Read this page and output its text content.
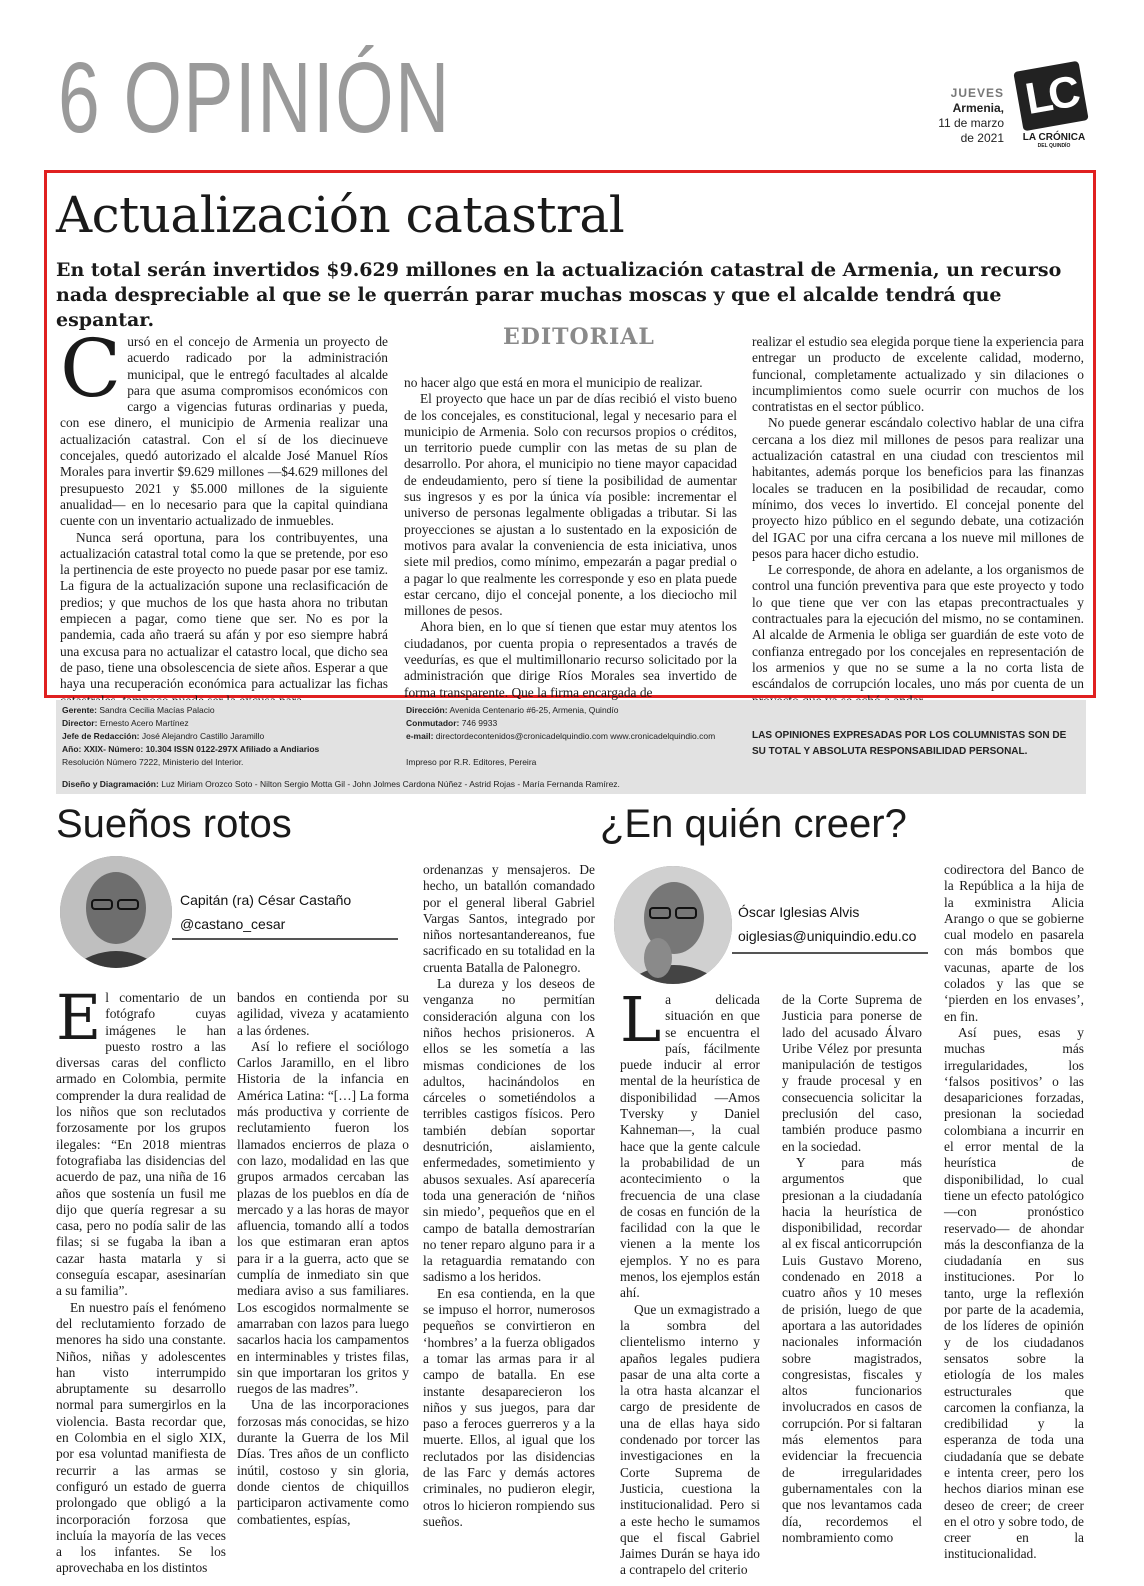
6 OPINIÓN	JUEVES
Armenia,
11 de marzo
de 2021
LC
LA CRÓNICA
DEL QUINDÍO
Actualización catastral
En total serán invertidos $9.629 millones en la actualización catastral de Armenia, un recurso nada despreciable al que se le querrán parar muchas moscas y que el alcalde tendrá que espantar.
EDITORIAL

Cursó en el concejo de Armenia un proyecto de acuerdo radicado por la administración municipal, que le entregó facultades al alcalde para que asuma compromisos económicos con cargo a vigencias futuras ordinarias y pueda, con ese dinero, el municipio de Armenia realizar una actualización catastral. Con el sí de los diecinueve concejales, quedó autorizado el alcalde José Manuel Ríos Morales para invertir $9.629 millones —$4.629 millones del presupuesto 2021 y $5.000 millones de la siguiente anualidad— en lo necesario para que la capital quindiana cuente con un inventario actualizado de inmuebles.

Nunca será oportuna, para los contribuyentes, una actualización catastral total como la que se pretende, por eso la pertinencia de este proyecto no puede pasar por ese tamiz. La figura de la actualización supone una reclasificación de predios; y que muchos de los que hasta ahora no tributan empiecen a pagar, como tiene que ser. No es por la pandemia, cada año traerá su afán y por eso siempre habrá una excusa para no actualizar el catastro local, que dicho sea de paso, tiene una obsolescencia de siete años. Esperar a que haya una recuperación económica para actualizar las fichas

no hacer algo que está en mora el municipio de realizar.

El proyecto que hace un par de días recibió el visto bueno de los concejales, es constitucional, legal y necesario para el municipio de Armenia. Solo con recursos propios o créditos, un territorio puede cumplir con las metas de su plan de desarrollo. Por ahora, el municipio no tiene mayor capacidad de endeudamiento, pero sí tiene la posibilidad de aumentar sus ingresos y es por la única vía posible: incrementar el universo de personas legalmente obligadas a tributar. Si las proyecciones se ajustan a lo sustentado en la exposición de motivos para avalar la conveniencia de esta iniciativa, unos siete mil predios, como mínimo, empezarán a pagar predial o a pagar lo que realmente les corresponde y eso en plata puede estar cercano, dijo el concejal ponente, a los dieciocho mil millones de pesos.

Ahora bien, en lo que sí tienen que estar muy atentos los ciudadanos, por cuenta propia o representados a través de veedurías, es que el multimillonario recurso solicitado por la administración que dirige Ríos Morales sea invertido de forma transparente. Que la firma encargada de

realizar el estudio sea elegida porque tiene la experiencia para entregar un producto de excelente calidad, moderno, funcional, completamente actualizado y sin dilaciones o incumplimientos como suele ocurrir con muchos de los contratistas en el sector público.

No puede generar escándalo colectivo hablar de una cifra cercana a los diez mil millones de pesos para realizar una actualización catastral en una ciudad con trescientos mil habitantes, además porque los beneficios para las finanzas locales se traducen en la posibilidad de recaudar, como mínimo, dos veces lo invertido. El concejal ponente del proyecto hizo público en el segundo debate, una cotización del IGAC por una cifra cercana a los nueve mil millones de pesos para hacer dicho estudio.

Le corresponde, de ahora en adelante, a los organismos de control una función preventiva para que este proyecto y todo lo que tiene que ver con las etapas precontractuales y contractuales para la ejecución del mismo, no se contaminen. Al alcalde de Armenia le obliga ser guardián de este voto de confianza entregado por los concejales en representación de los armenios y que no se sume a la no corta lista de escándalos de corrupción locales, uno más por cuenta de un

Gerente: Sandra Cecilia Macías Palacio
Director: Ernesto Acero Martínez
Jefe de Redacción: José Alejandro Castillo Jaramillo
Año: XXIX- Número: 10.304 ISSN 0122-297X Afiliado a Andiarios
Resolución Número 7222, Ministerio del Interior.
Dirección: Avenida Centenario #6-25, Armenia, Quindío
Conmutador: 746 9933
e-mail: directordecontenidos@cronicadelquindio.com www.cronicadelquindio.com

Impreso por R.R. Editores, Pereira
LAS OPINIONES EXPRESADAS POR LOS COLUMNISTAS SON DE SU TOTAL Y ABSOLUTA RESPONSABILIDAD PERSONAL.
Diseño y Diagramación: Luz Miriam Orozco Soto - Nilton Sergio Motta Gil - John Jolmes Cardona Núñez - Astrid Rojas - María Fernanda Ramírez.
Sueños rotos
Capitán (ra) César Castaño
@castano_cesar

El comentario de un fotógrafo cuyas imágenes le han puesto rostro a las diversas caras del conflicto armado en Colombia, permite comprender la dura realidad de los niños que son reclutados forzosamente por los grupos ilegales: “En 2018 mientras fotografiaba las disidencias del acuerdo de paz, una niña de 16 años que sostenía un fusil me dijo que quería regresar a su casa, pero no podía salir de las filas; si se fugaba la iban a cazar hasta matarla y si conseguía escapar, asesinarían a su familia”.

En nuestro país el fenómeno del reclutamiento forzado de menores ha sido una constante. Niños, niñas y adolescentes han visto interrumpido abruptamente su desarrollo normal para sumergirlos en la violencia. Basta recordar que, en Colombia en el siglo XIX, por esa voluntad manifiesta de recurrir a las armas se configuró un estado de guerra prolongado que obligó a la incorporación forzosa que incluía la mayoría de las veces a los infantes. Se los aprovechaba en los distintos

bandos en contienda por su agilidad, viveza y acatamiento a las órdenes.

Así lo refiere el sociólogo Carlos Jaramillo, en el libro Historia de la infancia en América Latina: “[…] La forma más productiva y corriente de reclutamiento fueron los llamados encierros de plaza o con lazo, modalidad en las que grupos armados cercaban las plazas de los pueblos en día de mercado y a las horas de mayor afluencia, tomando allí a todos los que estimaran eran aptos para ir a la guerra, acto que se cumplía de inmediato sin que mediara aviso a sus familiares. Los escogidos normalmente se amarraban con lazos para luego sacarlos hacia los campamentos en interminables y tristes filas, sin que importaran los gritos y ruegos de las madres”.

Una de las incorporaciones forzosas más conocidas, se hizo durante la Guerra de los Mil Días. Tres años de un conflicto inútil, costoso y sin gloria, donde cientos de chiquillos participaron activamente como combatientes, espías,

ordenanzas y mensajeros. De hecho, un batallón comandado por el general liberal Gabriel Vargas Santos, integrado por niños nortesantandereanos, fue sacrificado en su totalidad en la cruenta Batalla de Palonegro.

La dureza y los deseos de venganza no permitían consideración alguna con los niños hechos prisioneros. A ellos se les sometía a las mismas condiciones de los adultos, hacinándolos en cárceles o sometiéndolos a terribles castigos físicos. Pero también debían soportar desnutrición, aislamiento, enfermedades, sometimiento y abusos sexuales. Así aparecería toda una generación de ‘niños sin miedo’, pequeños que en el campo de batalla demostrarían no tener reparo alguno para ir a la retaguardia rematando con sadismo a los heridos.

En esa contienda, en la que se impuso el horror, numerosos pequeños se convirtieron en ‘hombres’ a la fuerza obligados a tomar las armas para ir al campo de batalla. En ese instante desaparecieron los niños y sus juegos, para dar paso a feroces guerreros y a la muerte. Ellos, al igual que los reclutados por las disidencias de las Farc y demás actores criminales, no pudieron elegir, otros lo hicieron rompiendo sus sueños.

¿En quién creer?
Óscar Iglesias Alvis
oiglesias@uniquindio.edu.co

La delicada situación en que se encuentra el país, fácilmente puede inducir al error mental de la heurística de disponibilidad —Amos Tversky y Daniel Kahneman—, la cual hace que la gente calcule la probabilidad de un acontecimiento o la frecuencia de una clase de cosas en función de la facilidad con la que le vienen a la mente los ejemplos. Y no es para menos, los ejemplos están ahí.

Que un exmagistrado a la sombra del clientelismo interno y apaños legales pudiera pasar de una alta corte a la otra hasta alcanzar el cargo de presidente de una de ellas haya sido condenado por torcer las investigaciones en la Corte Suprema de Justicia, cuestiona la institucionalidad. Pero si a este hecho le sumamos que el fiscal Gabriel Jaimes Durán se haya ido a contrapelo del criterio

de la Corte Suprema de Justicia para ponerse de lado del acusado Álvaro Uribe Vélez por presunta manipulación de testigos y fraude procesal y en consecuencia solicitar la preclusión del caso, también produce pasmo en la sociedad.

Y para más argumentos que presionan a la ciudadanía hacia la heurística de disponibilidad, recordar al ex fiscal anticorrupción Luis Gustavo Moreno, condenado en 2018 a cuatro años y 10 meses de prisión, luego de que aportara a las autoridades nacionales información sobre magistrados, congresistas, fiscales y altos funcionarios involucrados en casos de corrupción. Por si faltaran más elementos para evidenciar la frecuencia de irregularidades gubernamentales con la que nos levantamos cada día, recordemos el nombramiento como

codirectora del Banco de la República a la hija de la exministra Alicia Arango o que se gobierne cual modelo en pasarela con más bombos que vacunas, aparte de los colados y las que se ‘pierden en los envases’, en fin.

Así pues, esas y muchas más irregularidades, los ‘falsos positivos’ o las desapariciones forzadas, presionan la sociedad colombiana a incurrir en el error mental de la heurística de disponibilidad, lo cual tiene un efecto patológico —con pronóstico reservado— de ahondar más la desconfianza de la ciudadanía en sus instituciones. Por lo tanto, urge la reflexión por parte de la academia, de los líderes de opinión y de los ciudadanos sensatos sobre la etiología de los males estructurales que carcomen la confianza, la credibilidad y la esperanza de toda una ciudadanía que se debate e intenta creer, pero los hechos diarios minan ese deseo de creer; de creer en el otro y sobre todo, de creer en la institucionalidad.
